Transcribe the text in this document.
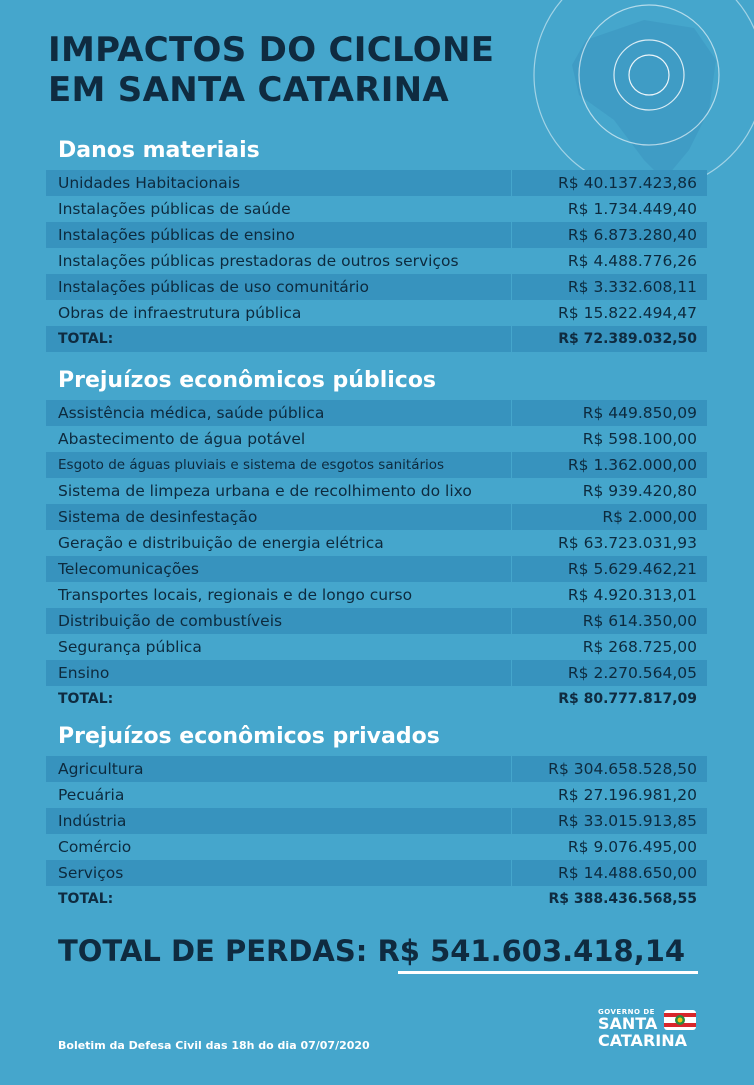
IMPACTOS DO CICLONE
EM SANTA CATARINA
Danos materiais
Unidades Habitacionais	R$ 40.137.423,86
Instalações públicas de saúde	R$ 1.734.449,40
Instalações públicas de ensino	R$ 6.873.280,40
Instalações públicas prestadoras de outros serviços	R$ 4.488.776,26
Instalações públicas de uso comunitário	R$ 3.332.608,11
Obras de infraestrutura pública	R$ 15.822.494,47
TOTAL:	R$ 72.389.032,50
Prejuízos econômicos públicos
Assistência médica, saúde pública	R$ 449.850,09
Abastecimento de água potável	R$ 598.100,00
Esgoto de águas pluviais e sistema de esgotos sanitários	R$ 1.362.000,00
Sistema de limpeza urbana e de recolhimento do lixo	R$ 939.420,80
Sistema de desinfestação	R$ 2.000,00
Geração e distribuição de energia elétrica	R$ 63.723.031,93
Telecomunicações	R$ 5.629.462,21
Transportes locais, regionais e de longo curso	R$ 4.920.313,01
Distribuição de combustíveis	R$ 614.350,00
Segurança pública	R$ 268.725,00
Ensino	R$ 2.270.564,05
TOTAL:	R$ 80.777.817,09
Prejuízos econômicos privados
Agricultura	R$ 304.658.528,50
Pecuária	R$ 27.196.981,20
Indústria	R$ 33.015.913,85
Comércio	R$ 9.076.495,00
Serviços	R$ 14.488.650,00
TOTAL:	R$ 388.436.568,55
TOTAL DE PERDAS: R$ 541.603.418,14
Boletim da Defesa Civil das 18h do dia 07/07/2020
GOVERNO DE
SANTA
CATARINA
